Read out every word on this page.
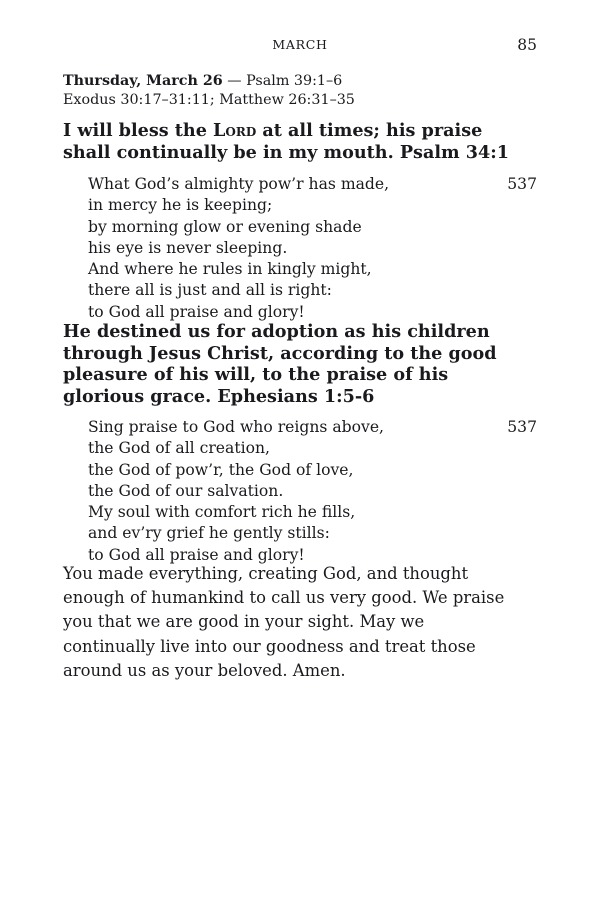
MARCH	85
Thursday, March 26 — Psalm 39:1–6
Exodus 30:17–31:11; Matthew 26:31–35
I will bless the Lord at all times; his praise shall continually be in my mouth. Psalm 34:1
What God’s almighty pow’r has made,	537
in mercy he is keeping;
by morning glow or evening shade
his eye is never sleeping.
And where he rules in kingly might,
there all is just and all is right:
to God all praise and glory!
He destined us for adoption as his children through Jesus Christ, according to the good pleasure of his will, to the praise of his glorious grace. Ephesians 1:5-6
Sing praise to God who reigns above,	537
the God of all creation,
the God of pow’r, the God of love,
the God of our salvation.
My soul with comfort rich he fills,
and ev’ry grief he gently stills:
to God all praise and glory!
You made everything, creating God, and thought enough of humankind to call us very good. We praise you that we are good in your sight. May we continually live into our goodness and treat those around us as your beloved. Amen.
